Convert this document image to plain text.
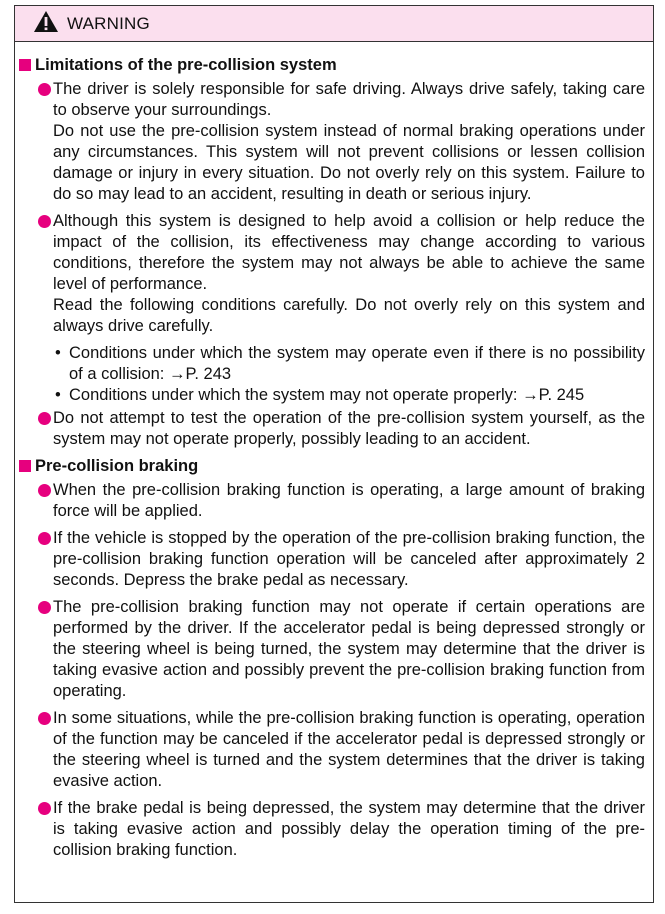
WARNING
Limitations of the pre-collision system

The driver is solely responsible for safe driving. Always drive safely, taking care to observe your surroundings.

Do not use the pre-collision system instead of normal braking operations under any circumstances. This system will not prevent collisions or lessen collision damage or injury in every situation. Do not overly rely on this system. Failure to do so may lead to an accident, resulting in death or serious injury.

Although this system is designed to help avoid a collision or help reduce the impact of the collision, its effectiveness may change according to various conditions, therefore the system may not always be able to achieve the same level of performance.

Read the following conditions carefully. Do not overly rely on this system and always drive carefully.

• Conditions under which the system may operate even if there is no possibility of a collision: →P. 243
• Conditions under which the system may not operate properly: →P. 245

Do not attempt to test the operation of the pre-collision system yourself, as the system may not operate properly, possibly leading to an accident.

Pre-collision braking

When the pre-collision braking function is operating, a large amount of braking force will be applied.

If the vehicle is stopped by the operation of the pre-collision braking function, the pre-collision braking function operation will be canceled after approximately 2 seconds. Depress the brake pedal as necessary.

The pre-collision braking function may not operate if certain operations are performed by the driver. If the accelerator pedal is being depressed strongly or the steering wheel is being turned, the system may determine that the driver is taking evasive action and possibly prevent the pre-collision braking function from operating.

In some situations, while the pre-collision braking function is operating, operation of the function may be canceled if the accelerator pedal is depressed strongly or the steering wheel is turned and the system determines that the driver is taking evasive action.

If the brake pedal is being depressed, the system may determine that the driver is taking evasive action and possibly delay the operation timing of the pre-collision braking function.
